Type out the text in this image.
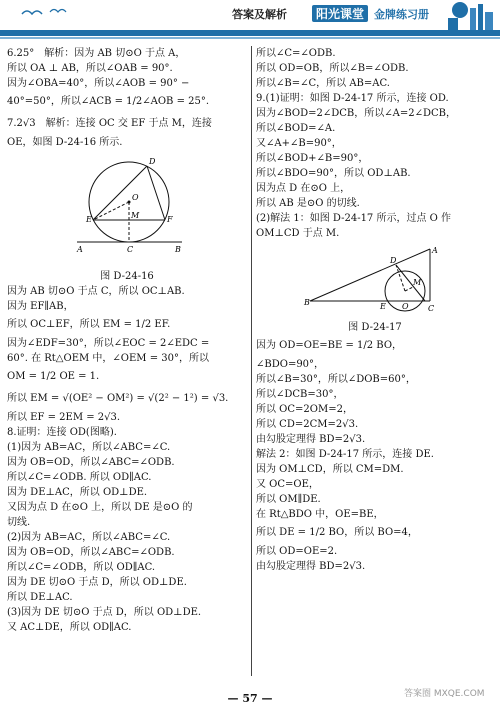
答案及解析	阳光课堂 金牌练习册
6.25°　解析：因为 AB 切⊙O 于点 A，
所以 OA ⊥ AB，所以∠OAB = 90°.
因为∠OBA=40°，所以∠AOB = 90° −
40°=50°，所以∠ACB = 1/2∠AOB = 25°.
7.2√3　解析：连接 OC 交 EF 于点 M，连接
OE，如图 D-24-16 所示.
D
O
E	M	F
A	C	B
图 D-24-16
因为 AB 切⊙O 于点 C，所以 OC⊥AB.
因为 EF∥AB，
所以 OC⊥EF，所以 EM = 1/2 EF.
因为∠EDF=30°，所以∠EOC = 2∠EDC =
60°. 在 Rt△OEM 中，∠OEM = 30°，所以
OM = 1/2 OE = 1.
所以 EM = √(OE² − OM²) = √(2² − 1²) = √3.
所以 EF = 2EM = 2√3.
8.证明：连接 OD(图略).
(1)因为 AB=AC，所以∠ABC=∠C.
因为 OB=OD，所以∠ABC=∠ODB.
所以∠C=∠ODB. 所以 OD∥AC.
因为 DE⊥AC，所以 OD⊥DE.
又因为点 D 在⊙O 上，所以 DE 是⊙O 的
切线.
(2)因为 AB=AC，所以∠ABC=∠C.
因为 OB=OD，所以∠ABC=∠ODB.
所以∠C=∠ODB，所以 OD∥AC.
因为 DE 切⊙O 于点 D，所以 OD⊥DE.
所以 DE⊥AC.
(3)因为 DE 切⊙O 于点 D，所以 OD⊥DE.
又 AC⊥DE，所以 OD∥AC.
所以∠C=∠ODB.
所以 OD=OB，所以∠B=∠ODB.
所以∠B=∠C，所以 AB=AC.
9.(1)证明：如图 D-24-17 所示，连接 OD.
因为∠BOD=2∠DCB，所以∠A=2∠DCB，
所以∠BOD=∠A.
又∠A+∠B=90°，
所以∠BOD+∠B=90°，
所以∠BDO=90°，所以 OD⊥AB.
因为点 D 在⊙O 上，
所以 AB 是⊙O 的切线.
(2)解法 1：如图 D-24-17 所示，过点 O 作
OM⊥CD 于点 M.
A
D
B	E O
M
C
图 D-24-17
因为 OD=OE=BE = 1/2 BO，
∠BDO=90°，
所以∠B=30°，所以∠DOB=60°，
所以∠DCB=30°，
所以 OC=2OM=2，
所以 CD=2CM=2√3.
由勾股定理得 BD=2√3.
解法 2：如图 D-24-17 所示，连接 DE.
因为 OM⊥CD，所以 CM=DM.
又 OC=OE，
所以 OM∥DE.
在 Rt△BDO 中，OE=BE，
所以 DE = 1/2 BO，所以 BO=4，
所以 OD=OE=2.
由勾股定理得 BD=2√3.
— 57 —	答案圈 MXQE.COM
